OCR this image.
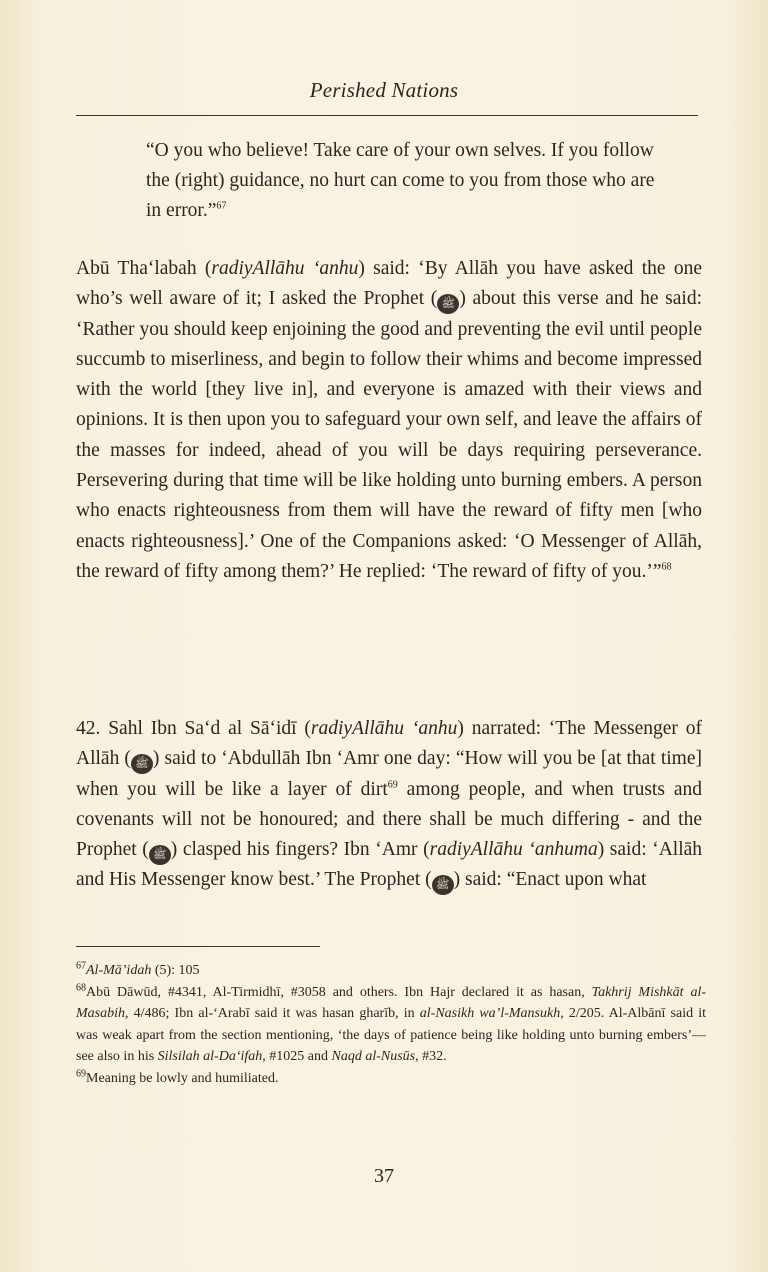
Perished Nations
“O you who believe! Take care of your own selves. If you follow the (right) guidance, no hurt can come to you from those who are in error.”$^{67}$
Abū Tha‘labah (radiyAllāhu ‘anhu) said: ‘By Allāh you have asked the one who’s well aware of it; I asked the Prophet ( ﷺ ) about this verse and he said: ‘Rather you should keep enjoining the good and preventing the evil until people succumb to miserliness, and begin to follow their whims and become impressed with the world [they live in], and everyone is amazed with their views and opinions. It is then upon you to safeguard your own self, and leave the affairs of the masses for indeed, ahead of you will be days requiring perseverance. Persevering during that time will be like holding unto burning embers. A person who enacts righteousness from them will have the reward of fifty men [who enacts righteousness].’ One of the Companions asked: ‘O Messenger of Allāh, the reward of fifty among them?’ He replied: ‘The reward of fifty of you.’”$^{68}$
42. Sahl Ibn Sa‘d al Sā‘idī (radiyAllāhu ‘anhu) narrated: ‘The Messenger of Allāh ( ﷺ ) said to ‘Abdullāh Ibn ‘Amr one day: “How will you be [at that time] when you will be like a layer of dirt$^{69}$ among people, and when trusts and covenants will not be honoured; and there shall be much differing - and the Prophet ( ﷺ ) clasped his fingers? Ibn ‘Amr (radiyAllāhu ‘anhuma) said: ‘Allāh and His Messenger know best.’ The Prophet ( ﷺ ) said: “Enact upon what

$^{67}$Al-Mā’idah (5): 105

$^{68}$Abū Dāwūd, #4341, Al-Tirmidhī, #3058 and others. Ibn Hajr declared it as hasan, Takhrij Mishkāt al-Masabih, 4/486; Ibn al-‘Arabī said it was hasan gharīb, in al-Nasikh wa’l-Mansukh, 2/205. Al-Albānī said it was weak apart from the section mentioning, ‘the days of patience being like holding unto burning embers’—see also in his Silsilah al-Da‘ifah, #1025 and Naqd al-Nusūs, #32.

$^{69}$Meaning be lowly and humiliated.

37
